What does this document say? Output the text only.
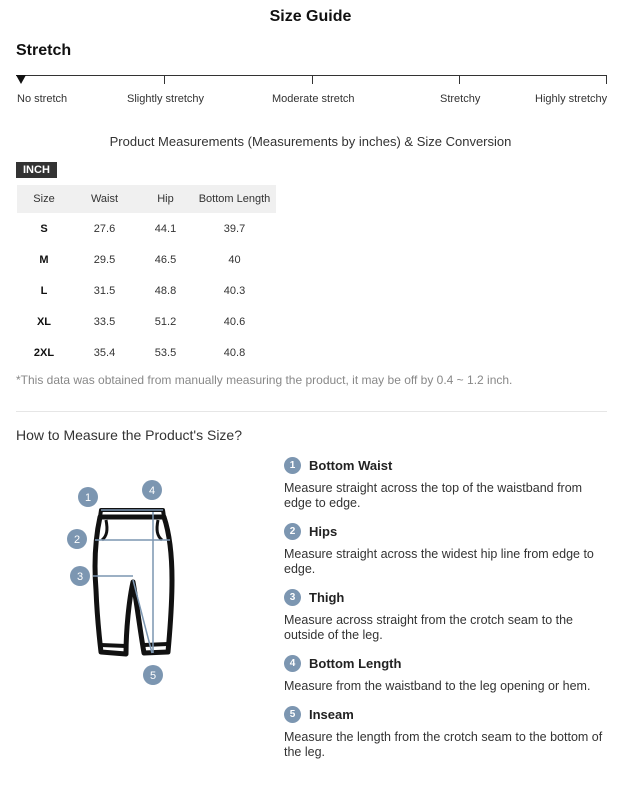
Size Guide
Stretch
No stretch	Slightly stretchy	Moderate stretch	Stretchy	Highly stretchy
Product Measurements (Measurements by inches) & Size Conversion
INCH
Size	Waist	Hip	Bottom Length
S	27.6	44.1	39.7
M	29.5	46.5	40
L	31.5	48.8	40.3
XL	33.5	51.2	40.6
2XL	35.4	53.5	40.8
*This data was obtained from manually measuring the product, it may be off by 0.4 ~ 1.2 inch.
How to Measure the Product's Size?
1
2
3
4
5
1	Bottom Waist
Measure straight across the top of the waistband from edge to edge.
2	Hips
Measure straight across the widest hip line from edge to edge.
3	Thigh
Measure across straight from the crotch seam to the outside of the leg.
4	Bottom Length
Measure from the waistband to the leg opening or hem.
5	Inseam
Measure the length from the crotch seam to the bottom of the leg.
